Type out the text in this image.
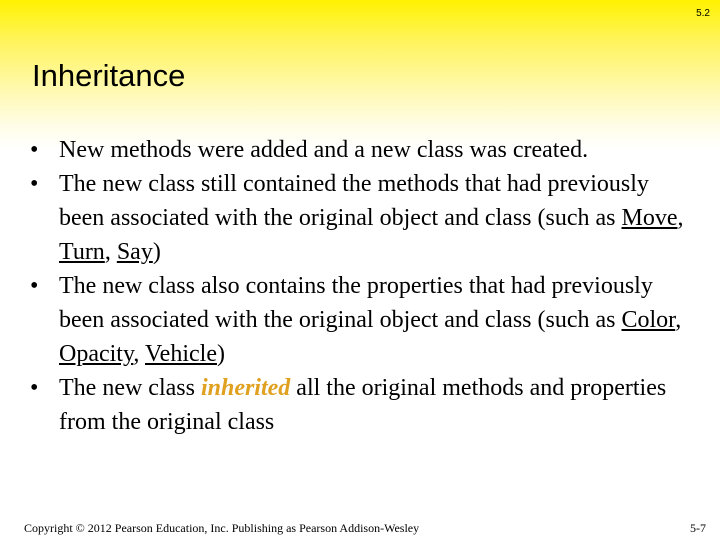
5.2
Inheritance
• New methods were added and a new class was created.
• The new class still contained the methods that had previously been associated with the original object and class (such as Move, Turn, Say)
• The new class also contains the properties that had previously been associated with the original object and class (such as Color, Opacity, Vehicle)
• The new class inherited all the original methods and properties from the original class
Copyright © 2012 Pearson Education, Inc. Publishing as Pearson Addison-Wesley	5-7
